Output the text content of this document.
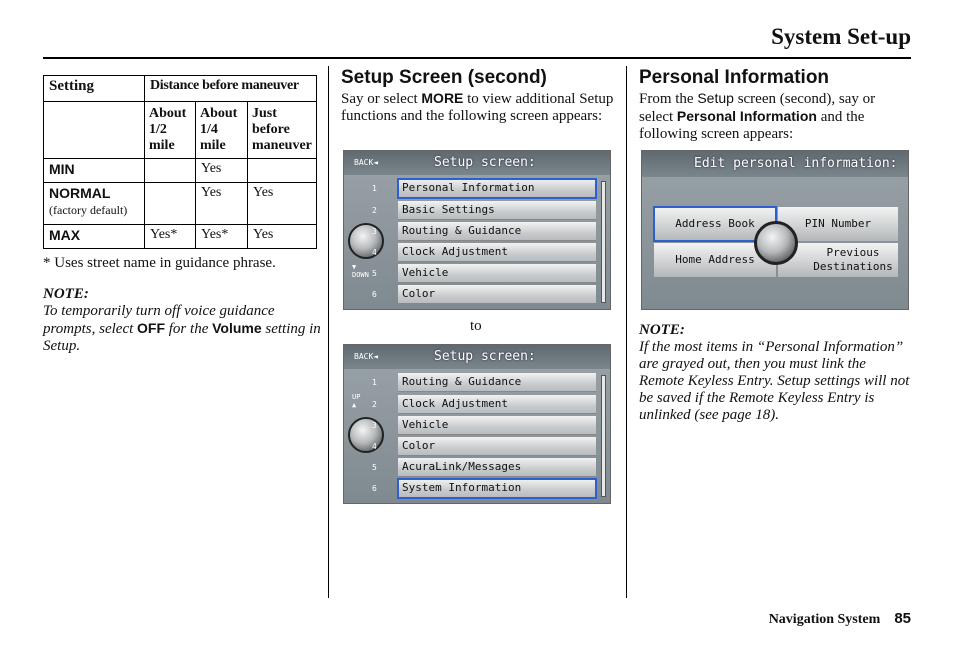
System Set-up
Setting	Distance before maneuver		
	About 1/2 mile	About 1/4 mile	Just before maneuver
MIN		Yes	
NORMAL
(factory default)		Yes	Yes
MAX	Yes*	Yes*	Yes
* Uses street name in guidance phrase.
NOTE:
To temporarily turn off voice guidance prompts, select OFF for the Volume setting in Setup.
Setup Screen (second)
Say or select MORE to view additional Setup functions and the following screen appears:
BACK◄	Setup screen:
▼
DOWN
1 Personal Information
2 Basic Settings
3 Routing & Guidance
4 Clock Adjustment
5 Vehicle
6 Color
to
BACK◄	Setup screen:
UP
▲
1 Routing & Guidance
2 Clock Adjustment
3 Vehicle
4 Color
5 AcuraLink/Messages
6 System Information
Personal Information
From the Setup screen (second), say or select Personal Information and the following screen appears:
Edit personal information:
Address Book	PIN Number
Home Address
Previous Destinations
NOTE:
If the most items in “Personal Information” are grayed out, then you must link the Remote Keyless Entry. Setup settings will not be saved if the Remote Keyless Entry is unlinked (see page 18).
Navigation System 85
